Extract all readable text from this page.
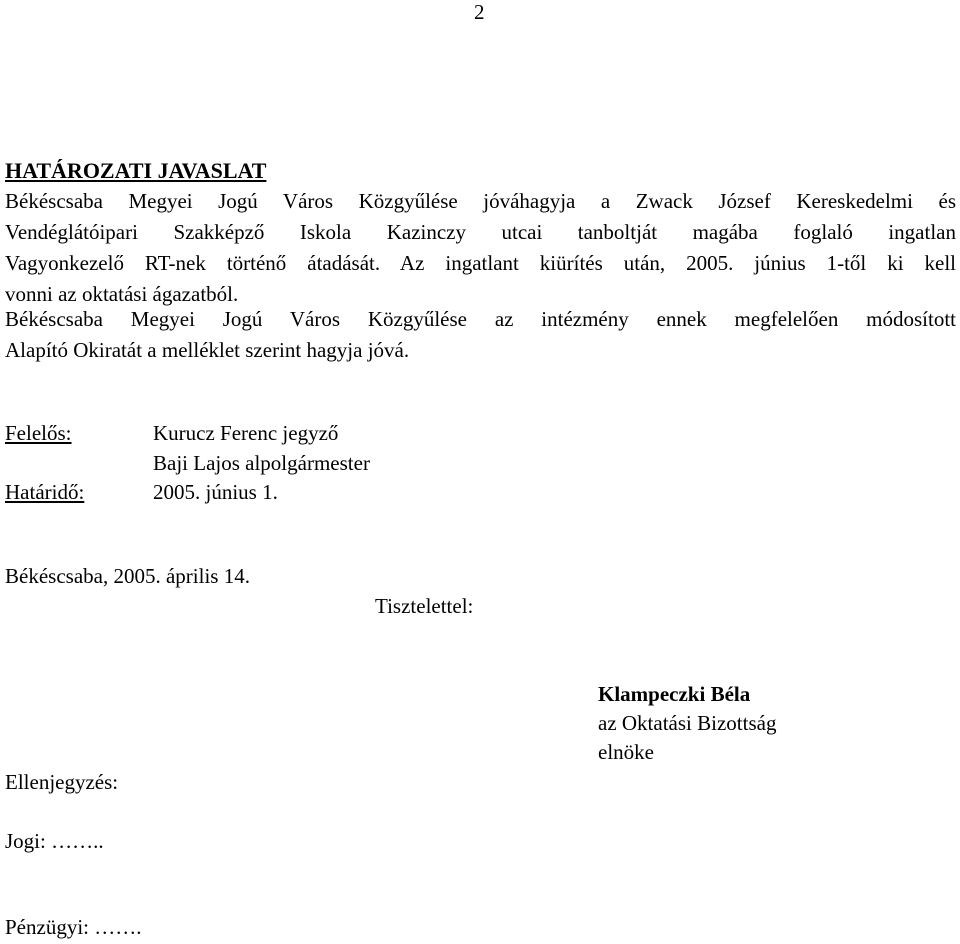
2
HATÁROZATI JAVASLAT
Békéscsaba Megyei Jogú Város Közgyűlése jóváhagyja a Zwack József Kereskedelmi és
Vendéglátóipari Szakképző Iskola Kazinczy utcai tanboltját magába foglaló ingatlan
Vagyonkezelő RT-nek történő átadását. Az ingatlant kiürítés után, 2005. június 1-től ki kell
vonni az oktatási ágazatból.
Békéscsaba Megyei Jogú Város Közgyűlése az intézmény ennek megfelelően módosított
Alapító Okiratát a melléklet szerint hagyja jóvá.
Felelős:	Kurucz Ferenc jegyző
Baji Lajos alpolgármester
Határidő:	2005. június 1.
Békéscsaba, 2005. április 14.
Tisztelettel:
Klampeczki Béla
az Oktatási Bizottság
elnöke
Ellenjegyzés:
Jogi: ……..
Pénzügyi: …….
